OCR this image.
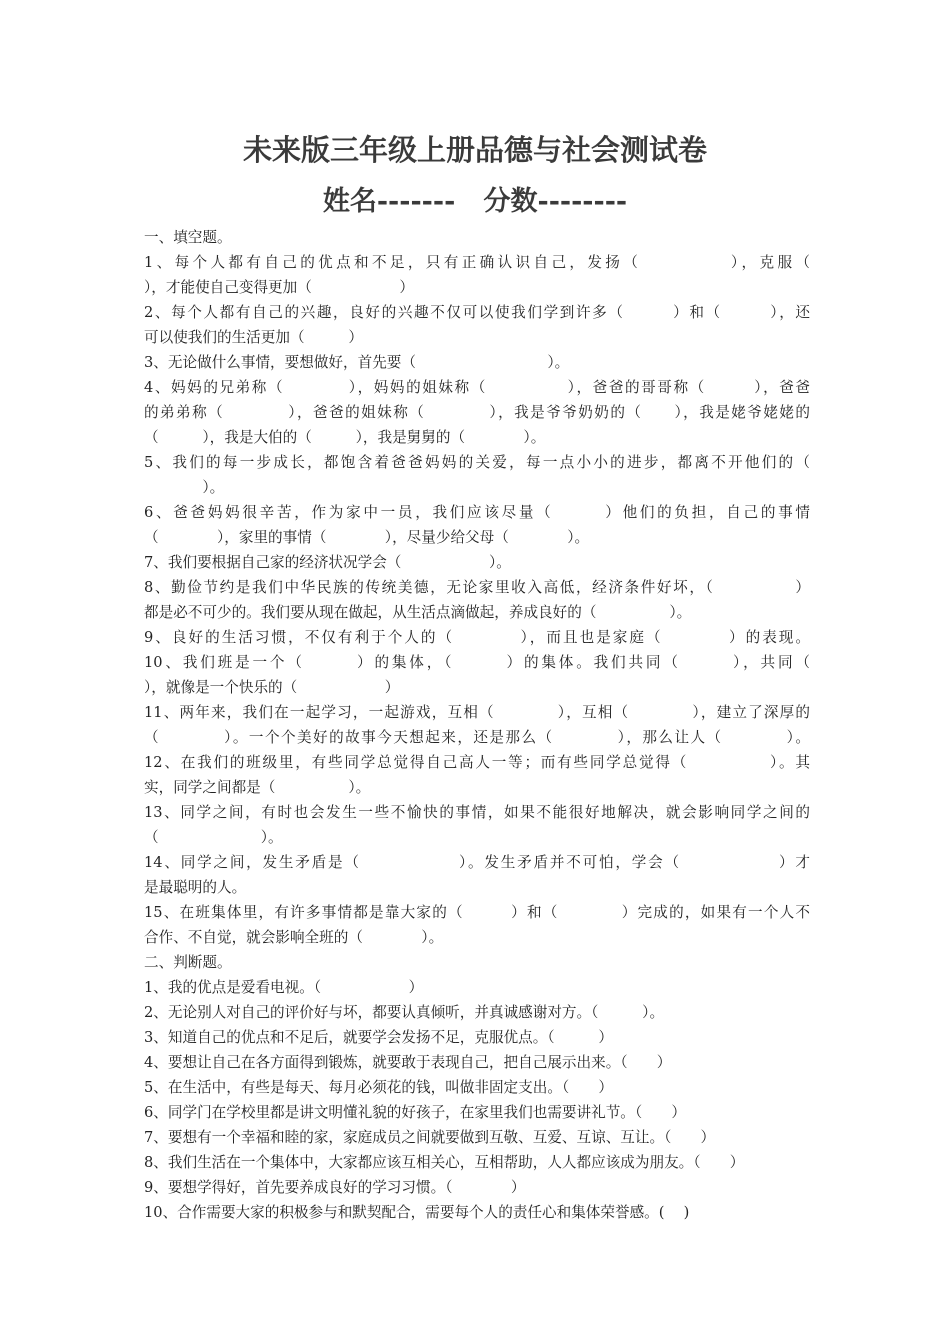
未来版三年级上册品德与社会测试卷
姓名-------   分数--------
一、填空题。
1、每个人都有自己的优点和不足，只有正确认识自己，发扬（　　　　　），克服（
），才能使自己变得更加（　　　　　　）
2、每个人都有自己的兴趣，良好的兴趣不仅可以使我们学到许多（　　　）和（　　　），还
可以使我们的生活更加（　　　）
3、无论做什么事情，要想做好，首先要（　　　　　　　　　）。
4、妈妈的兄弟称（　　　　），妈妈的姐妹称（　　　　　），爸爸的哥哥称（　　　），爸爸
的弟弟称（　　　　），爸爸的姐妹称（　　　　），我是爷爷奶奶的（　　），我是姥爷姥姥的
（　　　），我是大伯的（　　　），我是舅舅的（　　　　）。
5、我们的每一步成长，都饱含着爸爸妈妈的关爱，每一点小小的进步，都离不开他们的（
　　　　）。
6、爸爸妈妈很辛苦，作为家中一员，我们应该尽量（　　　）他们的负担，自己的事情
（　　　　），家里的事情（　　　　），尽量少给父母（　　　　）。
7、我们要根据自己家的经济状况学会（　　　　　　）。
8、勤俭节约是我们中华民族的传统美德，无论家里收入高低，经济条件好坏，（　　　　　）
都是必不可少的。我们要从现在做起，从生活点滴做起，养成良好的（　　　　　）。
9、良好的生活习惯，不仅有利于个人的（　　　　），而且也是家庭（　　　　）的表现。
10、我们班是一个（　　　）的集体，（　　　）的集体。我们共同（　　　），共同（
），就像是一个快乐的（　　　　　　）
11、两年来，我们在一起学习，一起游戏，互相（　　　　），互相（　　　　），建立了深厚的
（　　　　）。一个个美好的故事今天想起来，还是那么（　　　　），那么让人（　　　　）。
12、在我们的班级里，有些同学总觉得自己高人一等；而有些同学总觉得（　　　　　）。其
实，同学之间都是（　　　　　）。
13、同学之间，有时也会发生一些不愉快的事情，如果不能很好地解决，就会影响同学之间的
（　　　　　　　）。
14、同学之间，发生矛盾是（　　　　　　）。发生矛盾并不可怕，学会（　　　　　　）才
是最聪明的人。
15、在班集体里，有许多事情都是靠大家的（　　　）和（　　　　）完成的，如果有一个人不
合作、不自觉，就会影响全班的（　　　　）。
二、判断题。
1、我的优点是爱看电视。（　　　　　　）
2、无论别人对自己的评价好与坏，都要认真倾听，并真诚感谢对方。（　　　）。
3、知道自己的优点和不足后，就要学会发扬不足，克服优点。（　　　）
4、要想让自己在各方面得到锻炼，就要敢于表现自己，把自己展示出来。（　　）
5、在生活中，有些是每天、每月必须花的钱，叫做非固定支出。（　　）
6、同学门在学校里都是讲文明懂礼貌的好孩子，在家里我们也需要讲礼节。（　　）
7、要想有一个幸福和睦的家，家庭成员之间就要做到互敬、互爱、互谅、互让。（　　）
8、我们生活在一个集体中，大家都应该互相关心，互相帮助，人人都应该成为朋友。（　　）
9、要想学得好，首先要养成良好的学习习惯。（　　　　）
10、合作需要大家的积极参与和默契配合，需要每个人的责任心和集体荣誉感。(　 )
